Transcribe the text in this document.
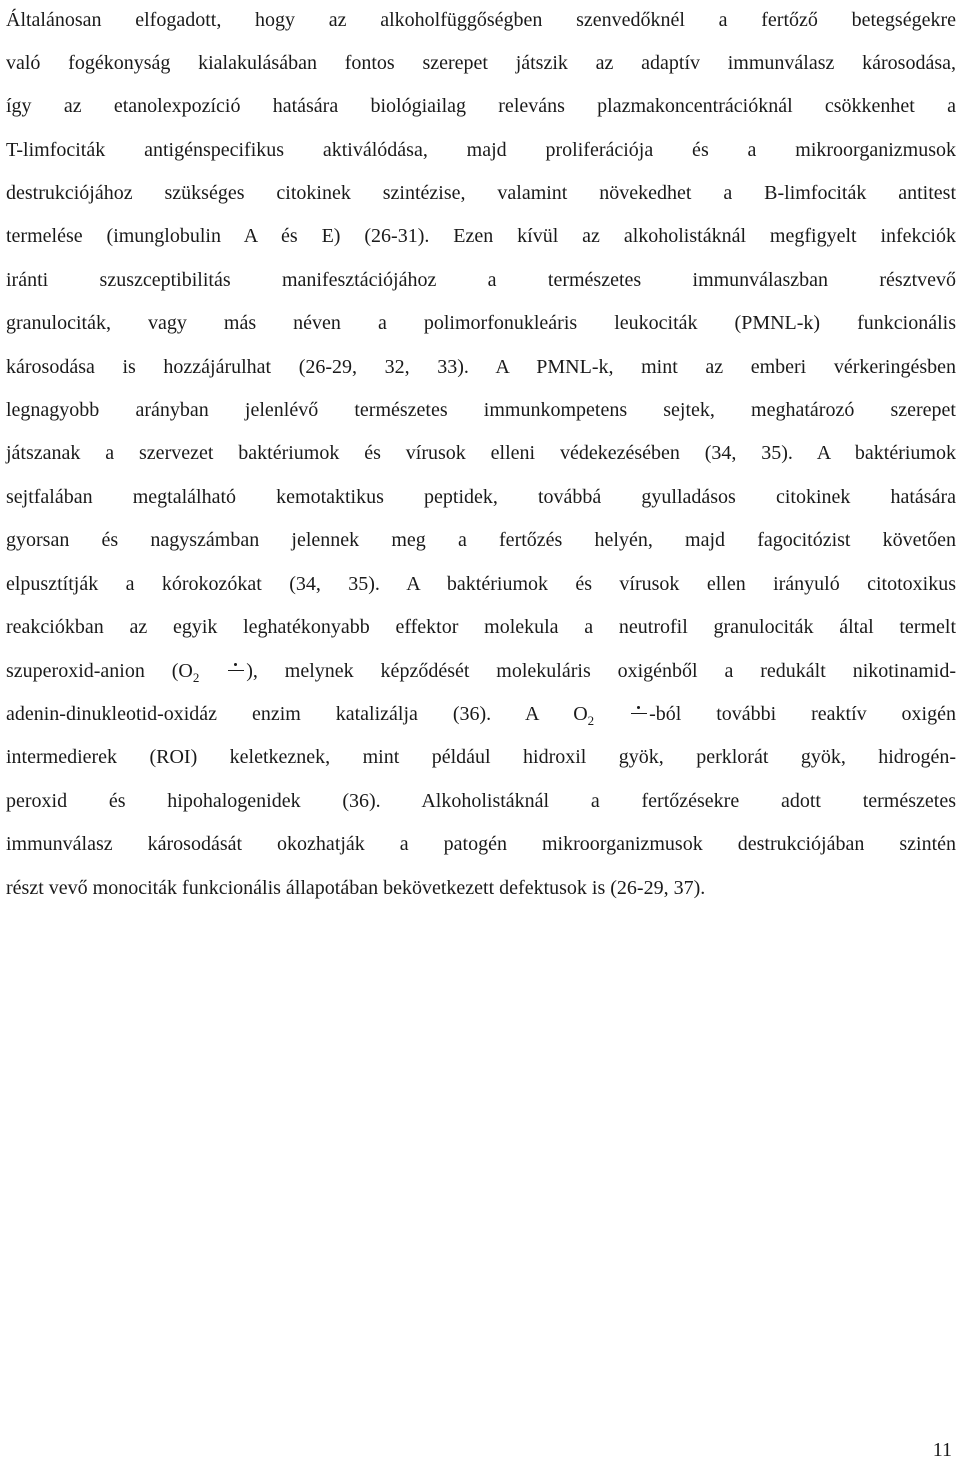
Általánosan elfogadott, hogy az alkoholfüggőségben szenvedőknél a fertőző betegségekre
való fogékonyság kialakulásában fontos szerepet játszik az adaptív immunválasz károsodása,
így az etanolexpozíció hatására biológiailag releváns plazmakoncentrációknál csökkenhet a
T-limfociták antigénspecifikus aktiválódása, majd proliferációja és a mikroorganizmusok
destrukciójához szükséges citokinek szintézise, valamint növekedhet a B-limfociták antitest
termelése (imunglobulin A és E) (26-31). Ezen kívül az alkoholistáknál megfigyelt infekciók
iránti szuszceptibilitás manifesztációjához a természetes immunválaszban résztvevő
granulociták, vagy más néven a polimorfonukleáris leukociták (PMNL-k) funkcionális
károsodása is hozzájárulhat (26-29, 32, 33). A PMNL-k, mint az emberi vérkeringésben
legnagyobb arányban jelenlévő természetes immunkompetens sejtek, meghatározó szerepet
játszanak a szervezet baktériumok és vírusok elleni védekezésében (34, 35). A baktériumok
sejtfalában megtalálható kemotaktikus peptidek, továbbá gyulladásos citokinek hatására
gyorsan és nagyszámban jelennek meg a fertőzés helyén, majd fagocitózist követően
elpusztítják a kórokozókat (34, 35). A baktériumok és vírusok ellen irányuló citotoxikus
reakciókban az egyik leghatékonyabb effektor molekula a neutrofil granulociták által termelt
szuperoxid-anion ($O_2$ ), melynek képződését molekuláris oxigénből a redukált nikotinamid-
adenin-dinukleotid-oxidáz enzim katalizálja (36). A $O_2$	-ból további reaktív oxigén
intermedierek (ROI) keletkeznek, mint például hidroxil gyök, perklorát gyök, hidrogén-
peroxid és hipohalogenidek (36). Alkoholistáknál a fertőzésekre adott természetes
immunválasz károsodását okozhatják a patogén mikroorganizmusok destrukciójában szintén
részt vevő monociták funkcionális állapotában bekövetkezett defektusok is (26-29, 37).
11
